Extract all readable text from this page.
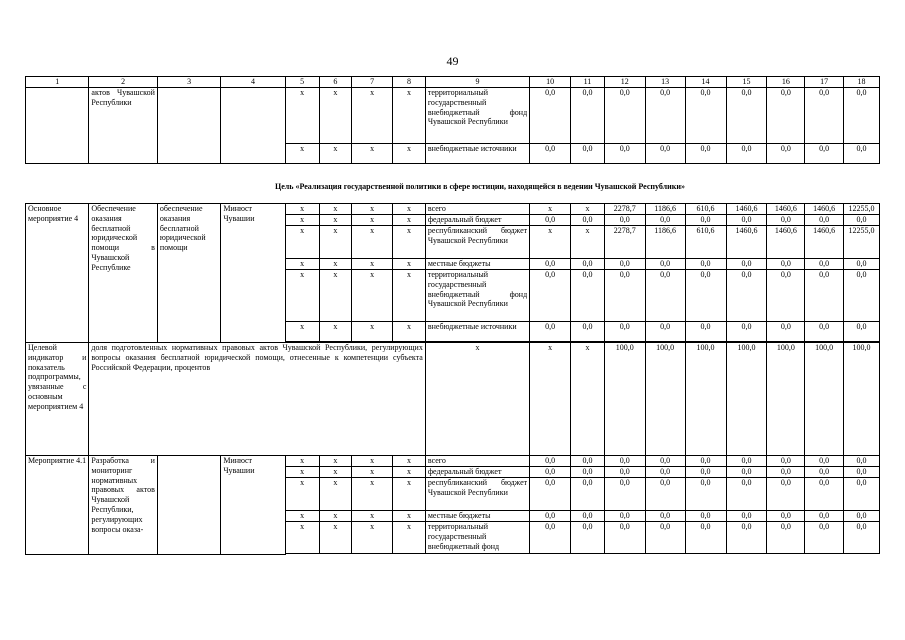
49
1	2	3	4	5	6	7	8	9	10	11	12	13	14	15	16	17	18
	актов Чувашской Республики			x	x	x	x	территориальный государственный внебюджетный фонд Чувашской Республики	0,0	0,0	0,0	0,0	0,0	0,0	0,0	0,0	0,0
				x	x	x	x	внебюджетные источники	0,0	0,0	0,0	0,0	0,0	0,0	0,0	0,0	0,0
Цель «Реализация государственной политики в сфере юстиции, находящейся в ведении Чувашской Республики»
Основное мероприятие 4	Обеспечение оказания бесплатной юридической помощи в Чувашской Республике	обеспечение оказания бесплатной юридической помощи	Минюст Чувашии	x	x	x	x	всего	x	x	2278,7	1186,6	610,6	1460,6	1460,6	1460,6	12255,0
				x	x	x	x	федеральный бюджет	0,0	0,0	0,0	0,0	0,0	0,0	0,0	0,0	0,0
				x	x	x	x	республиканский бюджет Чувашской Республики	x	x	2278,7	1186,6	610,6	1460,6	1460,6	1460,6	12255,0
				x	x	x	x	местные бюджеты	0,0	0,0	0,0	0,0	0,0	0,0	0,0	0,0	0,0
				x	x	x	x	территориальный государственный внебюджетный фонд Чувашской Республики	0,0	0,0	0,0	0,0	0,0	0,0	0,0	0,0	0,0
				x	x	x	x	внебюджетные источники	0,0	0,0	0,0	0,0	0,0	0,0	0,0	0,0	0,0

Целевой индикатор и показатель подпрограммы, увязанные с основным мероприятием 4	доля подготовленных нормативных правовых актов Чувашской Республики, регулирующих вопросы оказания бесплатной юридической помощи, отнесенные к компетенции субъекта Российской Федерации, процентов							x	x	x	100,0	100,0	100,0	100,0	100,0	100,0	100,0
Мероприятие 4.1	Разработка и мониторинг нормативных правовых актов Чувашской Республики, регулирующих вопросы оказа-		Минюст Чувашии	x	x	x	x	всего	0,0	0,0	0,0	0,0	0,0	0,0	0,0	0,0	0,0
				x	x	x	x	федеральный бюджет	0,0	0,0	0,0	0,0	0,0	0,0	0,0	0,0	0,0
				x	x	x	x	республиканский бюджет Чувашской Республики	0,0	0,0	0,0	0,0	0,0	0,0	0,0	0,0	0,0
				x	x	x	x	местные бюджеты	0,0	0,0	0,0	0,0	0,0	0,0	0,0	0,0	0,0
				x	x	x	x	территориальный государственный внебюджетный фонд	0,0	0,0	0,0	0,0	0,0	0,0	0,0	0,0	0,0
